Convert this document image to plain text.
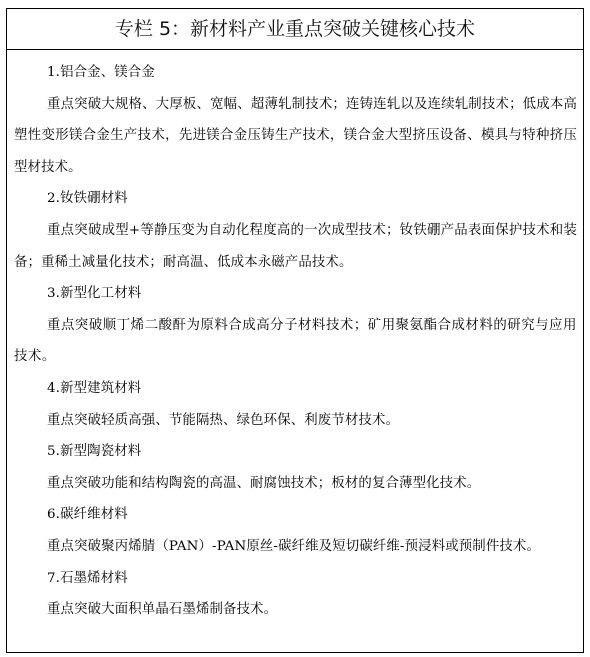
专栏 5：新材料产业重点突破关键核心技术
1.铝合金、镁合金
重点突破大规格、大厚板、宽幅、超薄轧制技术；连铸连轧以及连续轧制技术；低成本高塑性变形镁合金生产技术，先进镁合金压铸生产技术，镁合金大型挤压设备、模具与特种挤压型材技术。
2.钕铁硼材料
重点突破成型+等静压变为自动化程度高的一次成型技术；钕铁硼产品表面保护技术和装备；重稀土减量化技术；耐高温、低成本永磁产品技术。
3.新型化工材料
重点突破顺丁烯二酸酐为原料合成高分子材料技术；矿用聚氨酯合成材料的研究与应用技术。
4.新型建筑材料
重点突破轻质高强、节能隔热、绿色环保、利废节材技术。
5.新型陶瓷材料
重点突破功能和结构陶瓷的高温、耐腐蚀技术；板材的复合薄型化技术。
6.碳纤维材料
重点突破聚丙烯腈（PAN）-PAN原丝-碳纤维及短切碳纤维-预浸料或预制件技术。
7.石墨烯材料
重点突破大面积单晶石墨烯制备技术。
